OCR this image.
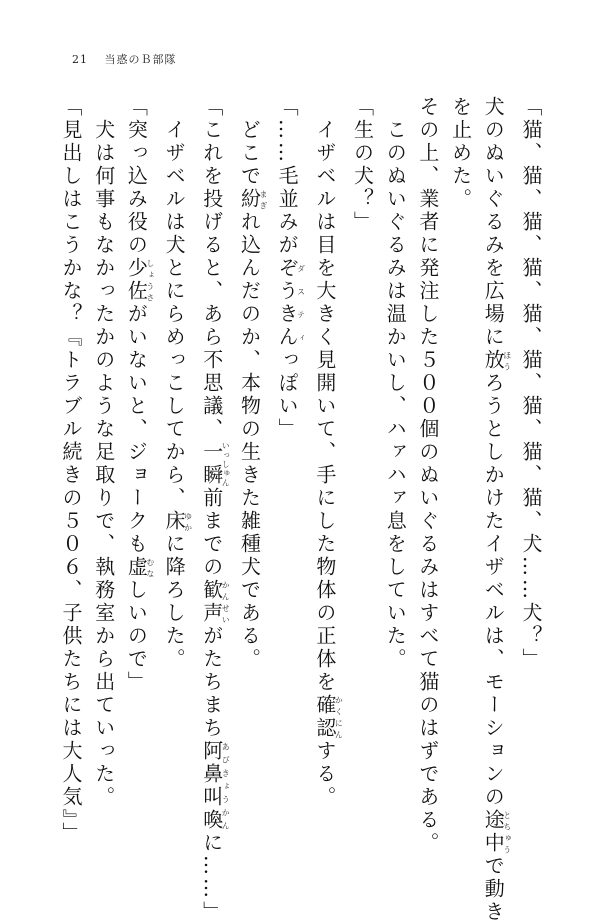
21 当惑のＢ部隊
「猫、猫、猫、猫、猫、猫、猫、猫、猫、犬……犬？」
犬のぬいぐるみを広場に放ほうろうとしかけたイザベルは、モーションの途中とちゅうで動き
を止めた。
その上、業者に発注した５００個のぬいぐるみはすべて猫のはずである。
　このぬいぐるみは温かいし、ハァハァ息をしていた。
「生の犬？」
　イザベルは目を大きく見開いて、手にした物体の正体を確認かくにんする。
「……毛並みがぞうきんダスティっぽい」
　どこで紛まぎれ込んだのか、本物の生きた雑種犬である。
「これを投げると、あら不思議、一瞬いっしゅん前までの歓声かんせいがたちまち阿鼻叫喚あびきょうかんに……」
　イザベルは犬とにらめっこしてから、床ゆかに降ろした。
「突っ込み役の少佐しょうさがいないと、ジョークも虚むなしいので」
　犬は何事もなかったかのような足取りで、執務室から出ていった。
「見出しはこうかな？『トラブル続きの５０６、子供たちには大人気』」
